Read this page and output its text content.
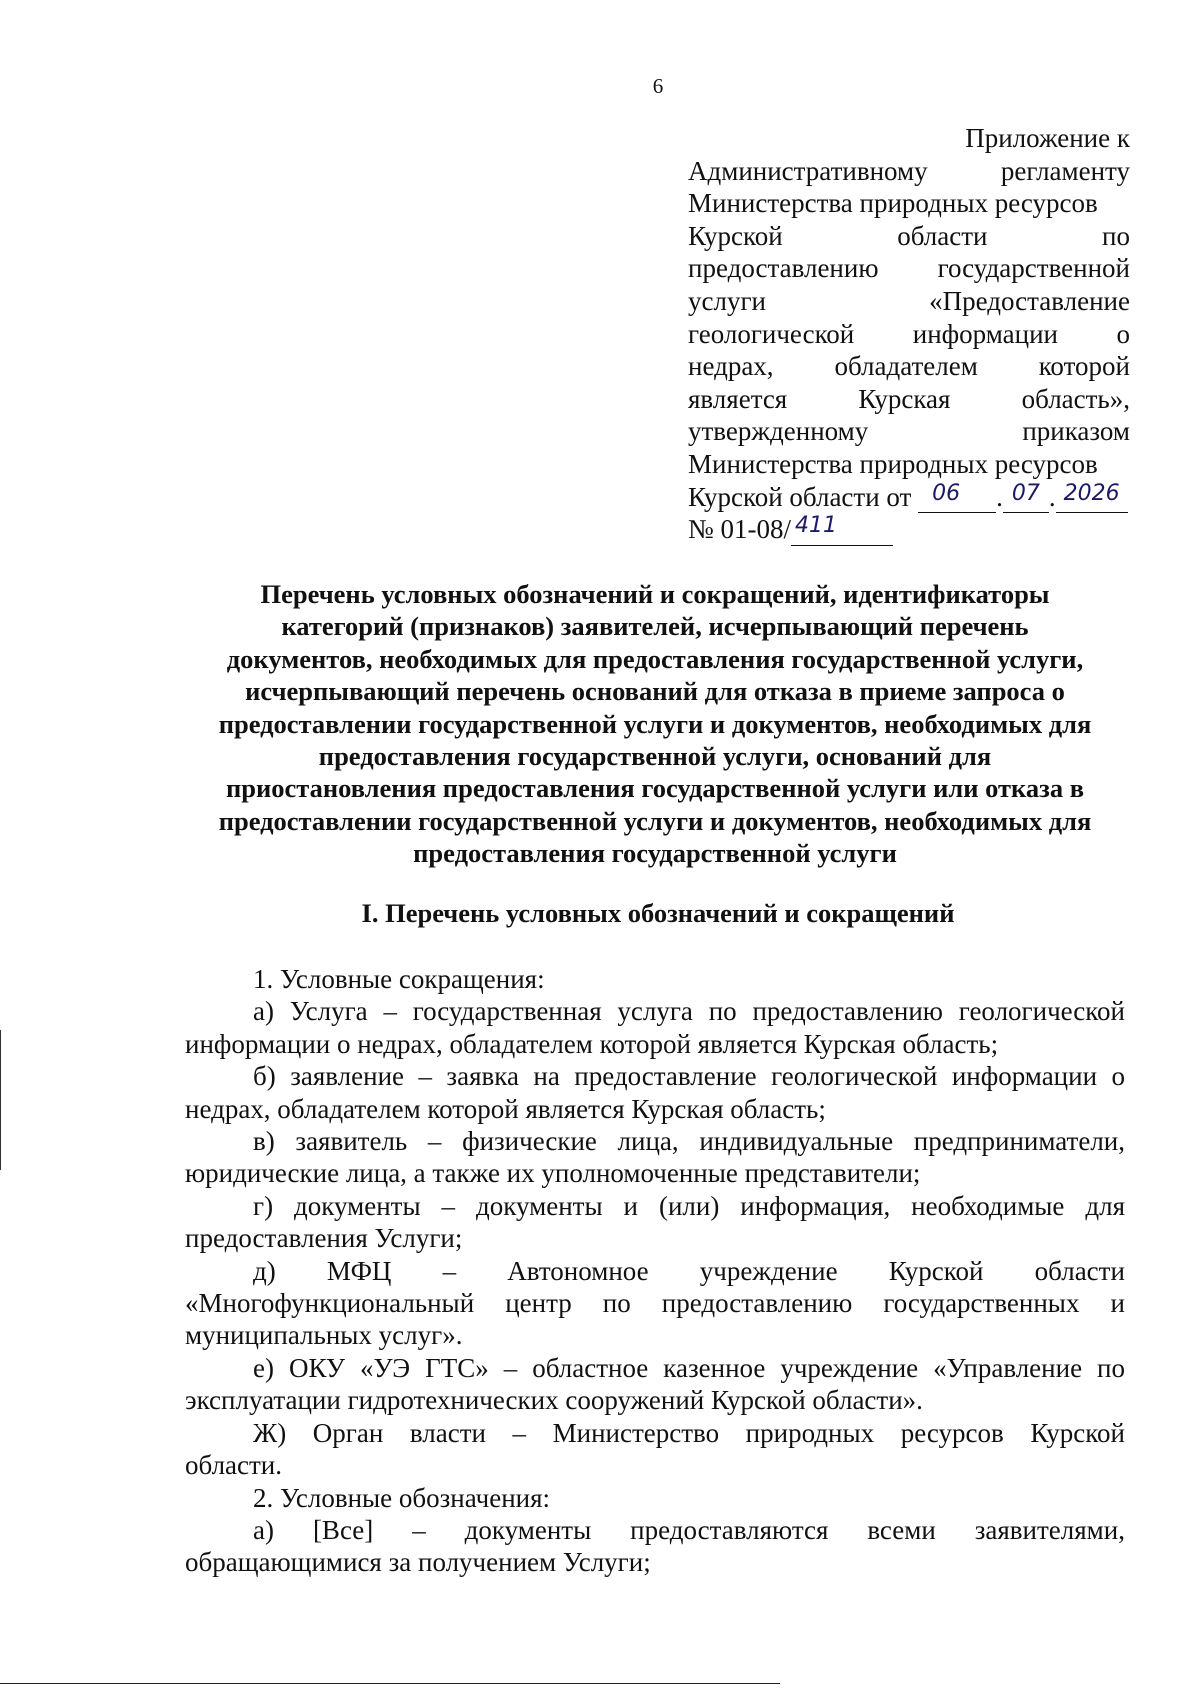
6
Приложение к
Административному	регламенту
Министерства природных ресурсов
Курской	области	по
предоставлению государственной
услуги	«Предоставление
геологической информации о
недрах, обладателем которой
является	Курская	область»,
утвержденному	приказом
Министерства природных ресурсов
Курской области от 06	. 07 . 2026
№ 01-08/ 411
Перечень условных обозначений и сокращений, идентификаторы
категорий (признаков) заявителей, исчерпывающий перечень
документов, необходимых для предоставления государственной услуги,
исчерпывающий перечень оснований для отказа в приеме запроса о
предоставлении государственной услуги и документов, необходимых для
предоставления государственной услуги, оснований для
приостановления предоставления государственной услуги или отказа в
предоставлении государственной услуги и документов, необходимых для
предоставления государственной услуги
I. Перечень условных обозначений и сокращений
1. Условные сокращения:
а) Услуга – государственная услуга по предоставлению геологической
информации о недрах, обладателем которой является Курская область;
б) заявление – заявка на предоставление геологической информации о
недрах, обладателем которой является Курская область;
в) заявитель – физические лица, индивидуальные предприниматели,
юридические лица, а также их уполномоченные представители;
г) документы – документы и (или) информация, необходимые для
предоставления Услуги;
д) МФЦ – Автономное учреждение Курской области
«Многофункциональный центр по предоставлению государственных и
муниципальных услуг».
е) ОКУ «УЭ ГТС» – областное казенное учреждение «Управление по
эксплуатации гидротехнических сооружений Курской области».
Ж) Орган власти – Министерство природных ресурсов Курской
области.
2. Условные обозначения:
а) [Все] – документы предоставляются всеми заявителями,
обращающимися за получением Услуги;
